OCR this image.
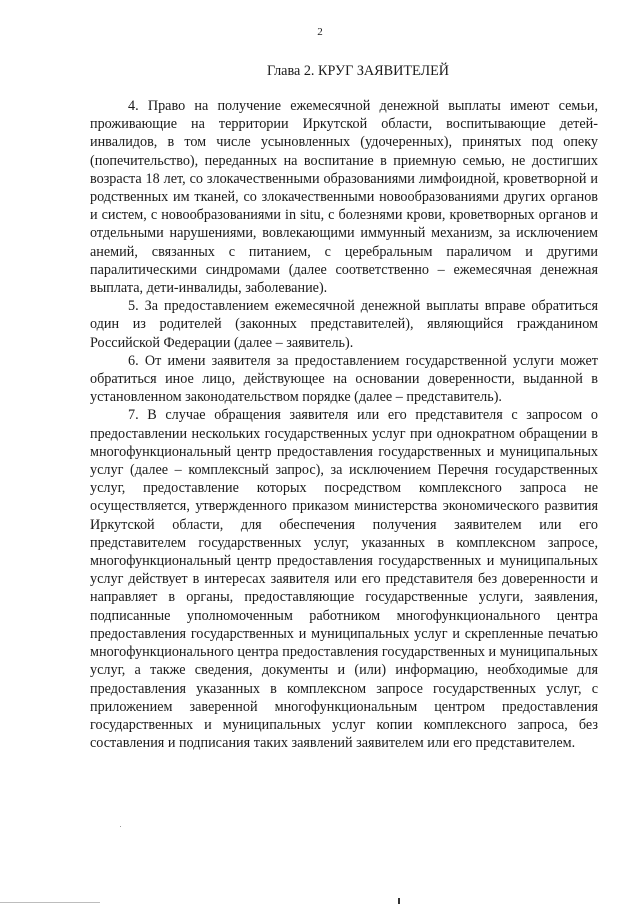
2
Глава 2. КРУГ ЗАЯВИТЕЛЕЙ

4. Право на получение ежемесячной денежной выплаты имеют семьи, проживающие на территории Иркутской области, воспитывающие детей-инвалидов, в том числе усыновленных (удочеренных), принятых под опеку (попечительство), переданных на воспитание в приемную семью, не достигших возраста 18 лет, со злокачественными образованиями лимфоидной, кроветворной и родственных им тканей, со злокачественными новообразованиями других органов и систем, с новообразованиями in situ, с болезнями крови, кроветворных органов и отдельными нарушениями, вовлекающими иммунный механизм, за исключением анемий, связанных с питанием, с церебральным параличом и другими паралитическими синдромами (далее соответственно – ежемесячная денежная выплата, дети-инвалиды, заболевание).

5. За предоставлением ежемесячной денежной выплаты вправе обратиться один из родителей (законных представителей), являющийся гражданином Российской Федерации (далее – заявитель).

6. От имени заявителя за предоставлением государственной услуги может обратиться иное лицо, действующее на основании доверенности, выданной в установленном законодательством порядке (далее – представитель).

7. В случае обращения заявителя или его представителя с запросом о предоставлении нескольких государственных услуг при однократном обращении в многофункциональный центр предоставления государственных и муниципальных услуг (далее – комплексный запрос), за исключением Перечня государственных услуг, предоставление которых посредством комплексного запроса не осуществляется, утвержденного приказом министерства экономического развития Иркутской области, для обеспечения получения заявителем или его представителем государственных услуг, указанных в комплексном запросе, многофункциональный центр предоставления государственных и муниципальных услуг действует в интересах заявителя или его представителя без доверенности и направляет в органы, предоставляющие государственные услуги, заявления, подписанные уполномоченным работником многофункционального центра предоставления государственных и муниципальных услуг и скрепленные печатью многофункционального центра предоставления государственных и муниципальных услуг, а также сведения, документы и (или) информацию, необходимые для предоставления указанных в комплексном запросе государственных услуг, с приложением заверенной многофункциональным центром предоставления государственных и муниципальных услуг копии комплексного запроса, без составления и подписания таких заявлений заявителем или его представителем.
